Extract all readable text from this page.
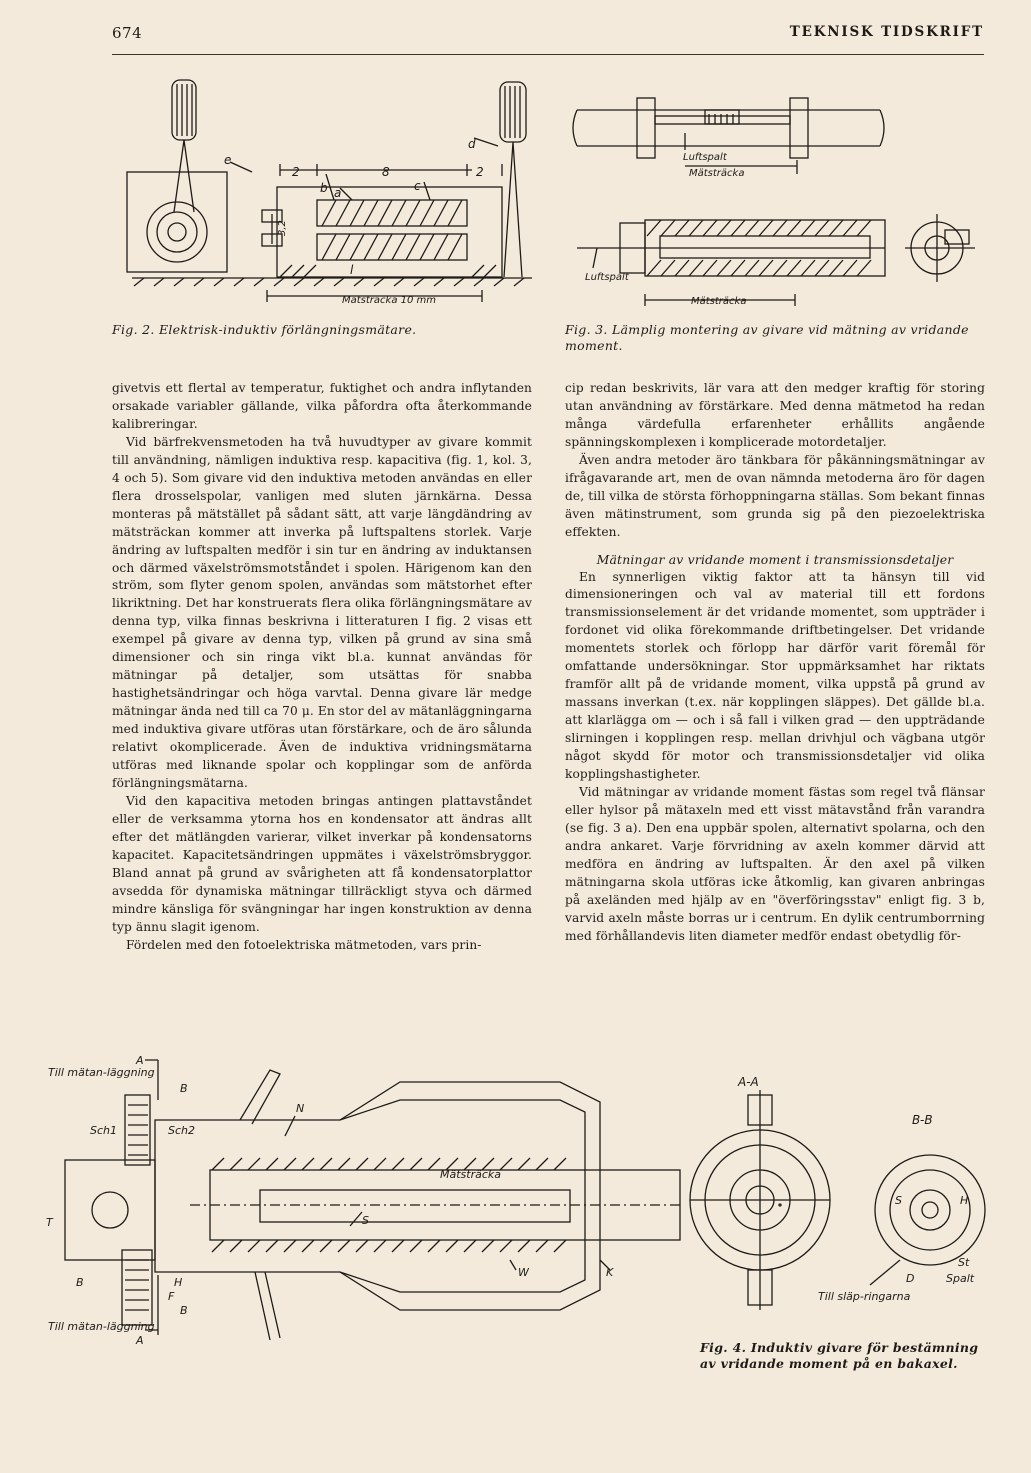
674	TEKNISK TIDSKRIFT
e
2	8	2
b a	c
d
3,2
l
Mätsträcka 10 mm
Fig. 2. Elektrisk-induktiv förlängningsmätare.
Luftspalt
Mätsträcka
Luftspalt
Mätsträcka
Fig. 3. Lämplig montering av givare vid mätning av vridande moment.

givetvis ett flertal av temperatur, fuktighet och andra inflytanden orsakade variabler gällande, vilka påfordra ofta återkommande kalibreringar.

Vid bärfrekvensmetoden ha två huvudtyper av givare kommit till användning, nämligen induktiva resp. kapacitiva (fig. 1, kol. 3, 4 och 5). Som givare vid den induktiva metoden användas en eller flera drosselspolar, vanligen med sluten järnkärna. Dessa monteras på mätstället på sådant sätt, att varje längdändring av mätsträckan kommer att inverka på luftspaltens storlek. Varje ändring av luftspalten medför i sin tur en ändring av induktansen och därmed växelströmsmotståndet i spolen. Härigenom kan den ström, som flyter genom spolen, användas som mätstorhet efter likriktning. Det har konstruerats flera olika förlängningsmätare av denna typ, vilka finnas beskrivna i litteraturen I fig. 2 visas ett exempel på givare av denna typ, vilken på grund av sina små dimensioner och sin ringa vikt bl.a. kunnat användas för mätningar på detaljer, som utsättas för snabba hastighetsändringar och höga varvtal. Denna givare lär medge mätningar ända ned till ca 70 μ. En stor del av mätanläggningarna med induktiva givare utföras utan förstärkare, och de äro sålunda relativt okomplicerade. Även de induktiva vridningsmätarna utföras med liknande spolar och kopplingar som de anförda förlängningsmätarna.

Vid den kapacitiva metoden bringas antingen plattavståndet eller de verksamma ytorna hos en kondensator att ändras allt efter det mätlängden varierar, vilket inverkar på kondensatorns kapacitet. Kapacitetsändringen uppmätes i växelströmsbryggor. Bland annat på grund av svårigheten att få kondensatorplattor avsedda för dynamiska mätningar tillräckligt styva och därmed mindre känsliga för svängningar har ingen konstruktion av denna typ ännu slagit igenom.

Fördelen med den fotoelektriska mätmetoden, vars prin-

cip redan beskrivits, lär vara att den medger kraftig för storing utan användning av förstärkare. Med denna mätmetod ha redan många värdefulla erfarenheter erhållits angående spänningskomplexen i komplicerade motordetaljer.

Även andra metoder äro tänkbara för påkänningsmätningar av ifrågavarande art, men de ovan nämnda metoderna äro för dagen de, till vilka de största förhoppningarna ställas. Som bekant finnas även mätinstrument, som grunda sig på den piezoelektriska effekten.

Mätningar av vridande moment i transmissionsdetaljer

En synnerligen viktig faktor att ta hänsyn till vid dimensioneringen och val av material till ett fordons transmissionselement är det vridande momentet, som uppträder i fordonet vid olika förekommande driftbetingelser. Det vridande momentets storlek och förlopp har därför varit föremål för omfattande undersökningar. Stor uppmärksamhet har riktats framför allt på de vridande moment, vilka uppstå på grund av massans inverkan (t.ex. när kopplingen släppes). Det gällde bl.a. att klarlägga om — och i så fall i vilken grad — den uppträdande slirningen i kopplingen resp. mellan drivhjul och vägbana utgör något skydd för motor och transmissionsdetaljer vid olika kopplingshastigheter.

Vid mätningar av vridande moment fästas som regel två flänsar eller hylsor på mätaxeln med ett visst mätavstånd från varandra (se fig. 3 a). Den ena uppbär spolen, alternativt spolarna, och den andra ankaret. Varje förvridning av axeln kommer därvid att medföra en ändring av luftspalten. Är den axel på vilken mätningarna skola utföras icke åtkomlig, kan givaren anbringas på axeländen med hjälp av en "överföringsstav" enligt fig. 3 b, varvid axeln måste borras ur i centrum. En dylik centrumborrning med förhållandevis liten diameter medför endast obetydlig för-

Till mätan-läggning
A
B
Sch1	Sch2
N
Mätsträcka
S
T
B	H
F
B
W	K
Till mätan-läggning
A
A-A
B-B
S	H
St
D	Spalt
Till släp-ringarna
Fig. 4. Induktiv givare för bestämning av vridande moment på en bakaxel.
